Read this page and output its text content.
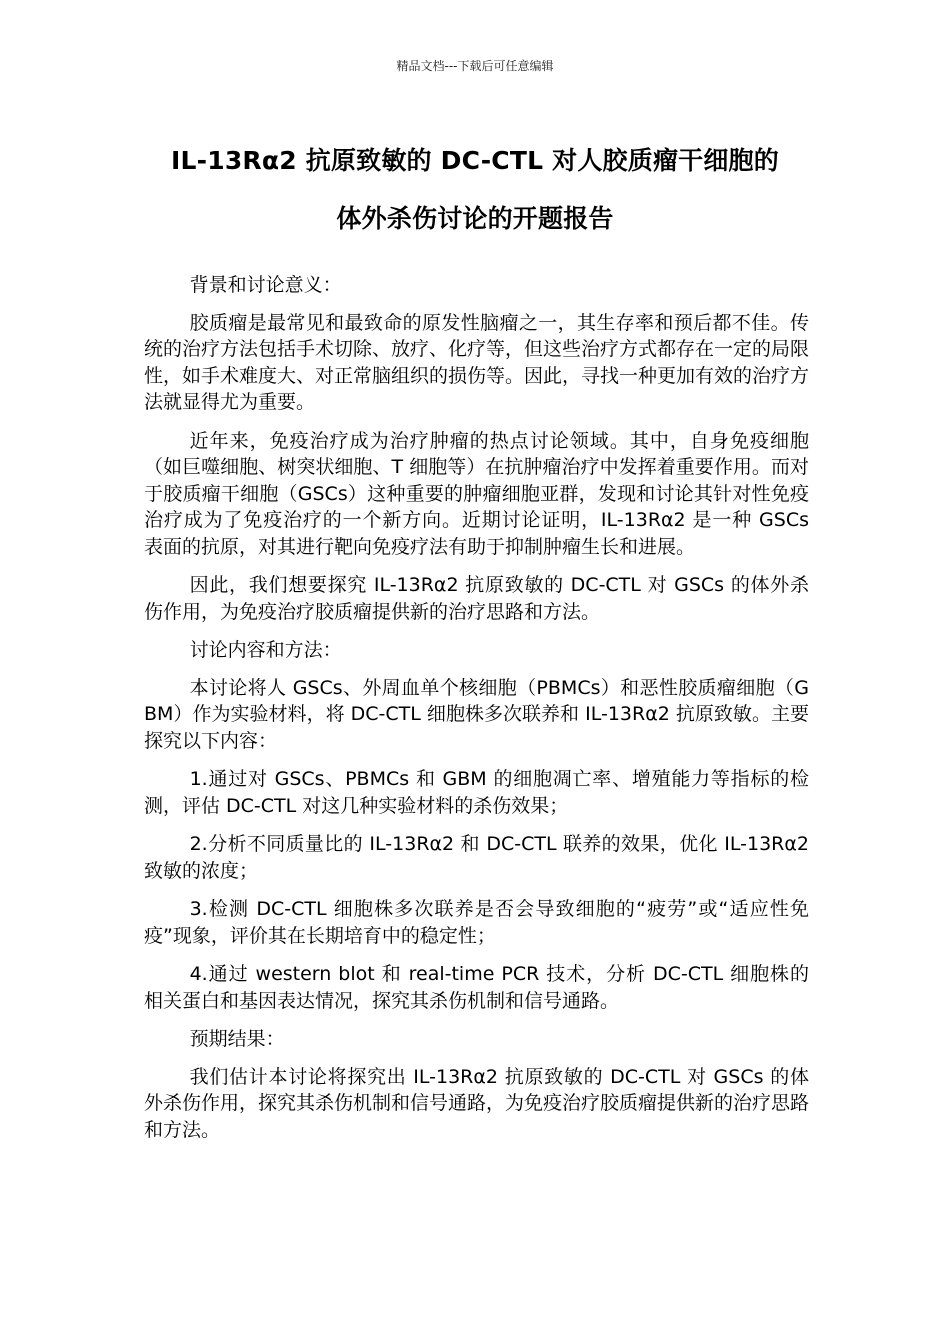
精品文档---下载后可任意编辑
IL-13Rα2 抗原致敏的 DC-CTL 对人胶质瘤干细胞的
体外杀伤讨论的开题报告

背景和讨论意义：

胶质瘤是最常见和最致命的原发性脑瘤之一，其生存率和预后都不佳。传统的治疗方法包括手术切除、放疗、化疗等，但这些治疗方式都存在一定的局限性，如手术难度大、对正常脑组织的损伤等。因此，寻找一种更加有效的治疗方法就显得尤为重要。

近年来，免疫治疗成为治疗肿瘤的热点讨论领域。其中，自身免疫细胞（如巨噬细胞、树突状细胞、T 细胞等）在抗肿瘤治疗中发挥着重要作用。而对于胶质瘤干细胞（GSCs）这种重要的肿瘤细胞亚群，发现和讨论其针对性免疫治疗成为了免疫治疗的一个新方向。近期讨论证明，IL-13Rα2 是一种 GSCs 表面的抗原，对其进行靶向免疫疗法有助于抑制肿瘤生长和进展。

因此，我们想要探究 IL-13Rα2 抗原致敏的 DC-CTL 对 GSCs 的体外杀伤作用，为免疫治疗胶质瘤提供新的治疗思路和方法。

讨论内容和方法：

本讨论将人 GSCs、外周血单个核细胞（PBMCs）和恶性胶质瘤细胞（GBM）作为实验材料，将 DC-CTL 细胞株多次联养和 IL-13Rα2 抗原致敏。主要探究以下内容：

1.通过对 GSCs、PBMCs 和 GBM 的细胞凋亡率、增殖能力等指标的检测，评估 DC-CTL 对这几种实验材料的杀伤效果；

2.分析不同质量比的 IL-13Rα2 和 DC-CTL 联养的效果，优化 IL-13Rα2 致敏的浓度；

3.检测 DC-CTL 细胞株多次联养是否会导致细胞的“疲劳”或“适应性免疫”现象，评价其在长期培育中的稳定性；

4.通过 western blot 和 real-time PCR 技术，分析 DC-CTL 细胞株的相关蛋白和基因表达情况，探究其杀伤机制和信号通路。

预期结果：

我们估计本讨论将探究出 IL-13Rα2 抗原致敏的 DC-CTL 对 GSCs 的体外杀伤作用，探究其杀伤机制和信号通路，为免疫治疗胶质瘤提供新的治疗思路和方法。
